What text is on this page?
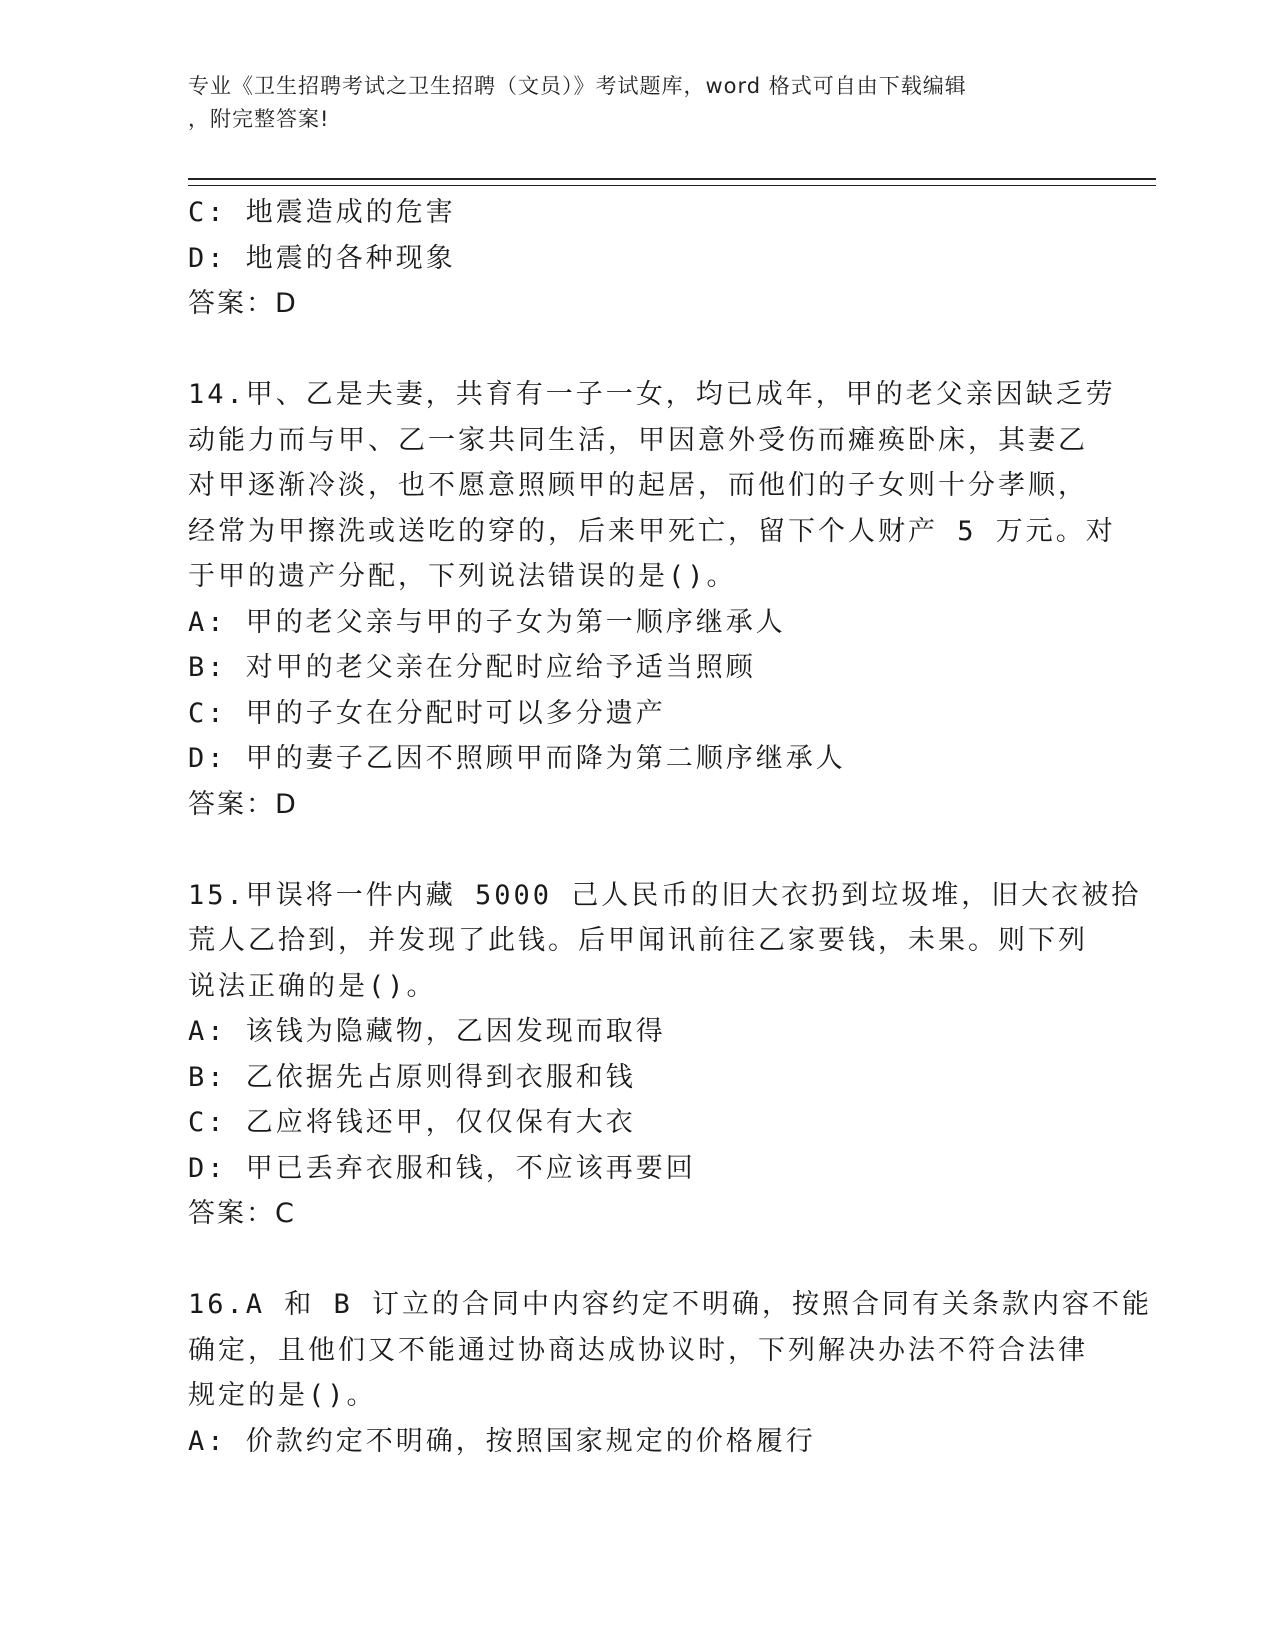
专业《卫生招聘考试之卫生招聘（文员）》考试题库，word 格式可自由下载编辑
，附完整答案!
C: 地震造成的危害
D: 地震的各种现象
答案：D
14.甲、乙是夫妻，共育有一子一女，均已成年，甲的老父亲因缺乏劳
动能力而与甲、乙一家共同生活，甲因意外受伤而瘫痪卧床，其妻乙
对甲逐渐冷淡，也不愿意照顾甲的起居，而他们的子女则十分孝顺，
经常为甲擦洗或送吃的穿的，后来甲死亡，留下个人财产 5 万元。对
于甲的遗产分配，下列说法错误的是()。
A: 甲的老父亲与甲的子女为第一顺序继承人
B: 对甲的老父亲在分配时应给予适当照顾
C: 甲的子女在分配时可以多分遗产
D: 甲的妻子乙因不照顾甲而降为第二顺序继承人
答案：D
15.甲误将一件内藏 5000 己人民币的旧大衣扔到垃圾堆，旧大衣被拾
荒人乙拾到，并发现了此钱。后甲闻讯前往乙家要钱，未果。则下列
说法正确的是()。
A: 该钱为隐藏物，乙因发现而取得
B: 乙依据先占原则得到衣服和钱
C: 乙应将钱还甲，仅仅保有大衣
D: 甲已丢弃衣服和钱，不应该再要回
答案：C
16.A 和 B 订立的合同中内容约定不明确，按照合同有关条款内容不能
确定，且他们又不能通过协商达成协议时，下列解决办法不符合法律
规定的是()。
A: 价款约定不明确，按照国家规定的价格履行
